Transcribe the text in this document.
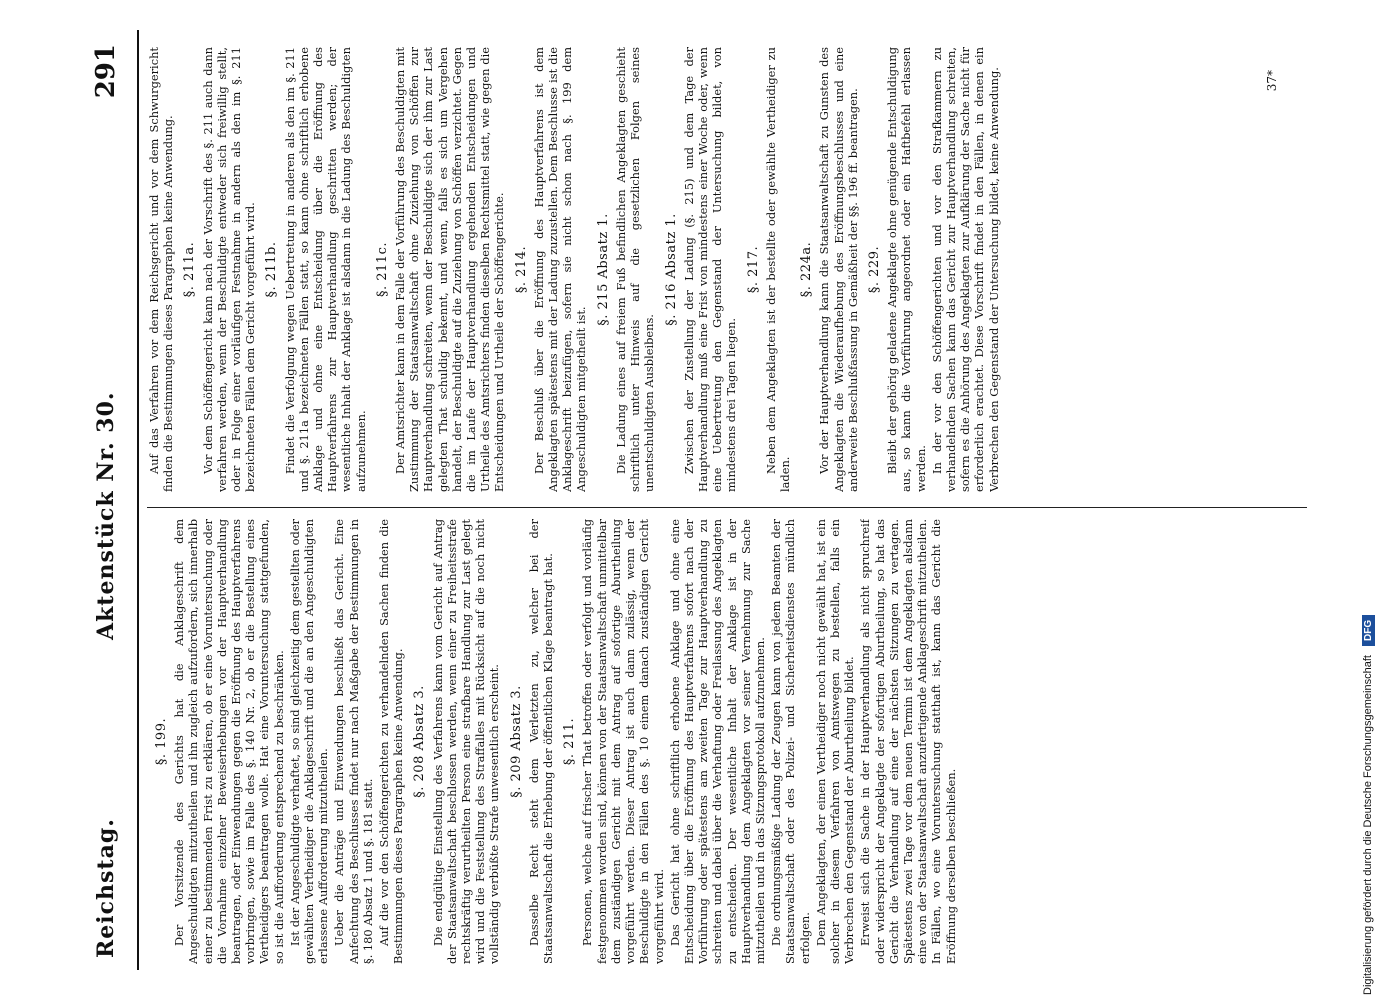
Reichstag.
Aktenstück Nr. 30.
291
§. 199. Der Vorsitzende des Gerichts hat die Anklageschrift dem Angeschuldigten mitzutheilen und ihn zugleich aufzufordern, sich innerhalb einer zu bestimmenden Frist zu erklären, ob er eine Voruntersuchung oder die Vornahme einzelner Beweiserhebungen vor der Hauptverhandlung beantragen, oder Einwendungen gegen die Eröffnung des Hauptverfahrens vorbringen, sowie im Falle des §. 140 Nr. 2, ob er die Bestellung eines Vertheidigers beantragen wolle. Hat eine Voruntersuchung stattgefunden, so ist die Aufforderung entsprechend zu beschränken. Ist der Angeschuldigte verhaftet, so sind gleichzeitig dem gestellten oder gewählten Vertheidiger die Anklageschrift und die an den Angeschuldigten erlassene Aufforderung mitzutheilen. Ueber die Anträge und Einwendungen beschließt das Gericht. Eine Anfechtung des Beschlusses findet nur nach Maßgabe der Bestimmungen in §. 180 Absatz 1 und §. 181 statt. Auf die vor den Schöffengerichten zu verhandelnden Sachen finden die Bestimmungen dieses Paragraphen keine Anwendung. §. 208 Absatz 3. Die endgültige Einstellung des Verfahrens kann vom Gericht auf Antrag der Staatsanwaltschaft beschlossen werden, wenn einer zu Freiheitsstrafe rechtskräftig verurtheilten Person eine strafbare Handlung zur Last gelegt wird und die Feststellung des Straffalles mit Rücksicht auf die noch nicht vollständig verbüßte Strafe unwesentlich erscheint. §. 209 Absatz 3. Dasselbe Recht steht dem Verletzten zu, welcher bei der Staatsanwaltschaft die Erhebung der öffentlichen Klage beantragt hat. §. 211. Personen, welche auf frischer That betroffen oder verfolgt und vorläufig festgenommen worden sind, können von der Staatsanwaltschaft unmittelbar dem zuständigen Gericht mit dem Antrag auf sofortige Aburtheilung vorgeführt werden. Dieser Antrag ist auch dann zulässig, wenn der Beschuldigte in den Fällen des §. 10 einem danach zuständigen Gericht vorgeführt wird. Das Gericht hat ohne schriftlich erhobene Anklage und ohne eine Entscheidung über die Eröffnung des Hauptverfahrens sofort nach der Vorführung oder spätestens am zweiten Tage zur Hauptverhandlung zu schreiten und dabei über die Verhaftung oder Freilassung des Angeklagten zu entscheiden. Der wesentliche Inhalt der Anklage ist in der Hauptverhandlung dem Angeklagten vor seiner Vernehmung zur Sache mitzutheilen und in das Sitzungsprotokoll aufzunehmen. Die ordnungsmäßige Ladung der Zeugen kann von jedem Beamten der Staatsanwaltschaft oder des Polizei- und Sicherheitsdienstes mündlich erfolgen. Dem Angeklagten, der einen Vertheidiger noch nicht gewählt hat, ist ein solcher in diesem Verfahren von Amtswegen zu bestellen, falls ein Verbrechen den Gegenstand der Aburtheilung bildet. Erweist sich die Sache in der Hauptverhandlung als nicht spruchreif oder widerspricht der Angeklagte der sofortigen Aburtheilung, so hat das Gericht die Verhandlung auf eine der nächsten Sitzungen zu vertagen. Spätestens zwei Tage vor dem neuen Termin ist dem Angeklagten alsdann eine von der Staatsanwaltschaft anzufertigende Anklageschrift mitzutheilen. In Fällen, wo eine Voruntersuchung statthaft ist, kann das Gericht die Eröffnung derselben beschließen.
Auf das Verfahren vor dem Reichsgericht und vor dem Schwurgericht finden die Bestimmungen dieses Paragraphen keine Anwendung. §. 211a. Vor dem Schöffengericht kann nach der Vorschrift des §. 211 auch dann verfahren werden, wenn der Beschuldigte entweder sich freiwillig stellt, oder in Folge einer vorläufigen Festnahme in andern als den im §. 211 bezeichneten Fällen dem Gericht vorgeführt wird. §. 211b. Findet die Verfolgung wegen Uebertretung in anderen als den im §. 211 und §. 211a bezeichneten Fällen statt, so kann ohne schriftlich erhobene Anklage und ohne eine Entscheidung über die Eröffnung des Hauptverfahrens zur Hauptverhandlung geschritten werden; der wesentliche Inhalt der Anklage ist alsdann in die Ladung des Beschuldigten aufzunehmen.
§. 211c. Der Amtsrichter kann in dem Falle der Vorführung des Beschuldigten mit Zustimmung der Staatsanwaltschaft ohne Zuziehung von Schöffen zur Hauptverhandlung schreiten, wenn der Beschuldigte sich der ihm zur Last gelegten That schuldig bekennt, und wenn, falls es sich um Vergehen handelt, der Beschuldigte auf die Zuziehung von Schöffen verzichtet. Gegen die im Laufe der Hauptverhandlung ergehenden Entscheidungen und Urtheile des Amtsrichters finden dieselben Rechtsmittel statt, wie gegen die Entscheidungen und Urtheile der Schöffengerichte. §. 214. Der Beschluß über die Eröffnung des Hauptverfahrens ist dem Angeklagten spätestens mit der Ladung zuzustellen. Dem Beschlusse ist die Anklageschrift beizufügen, sofern sie nicht schon nach §. 199 dem Angeschuldigten mitgetheilt ist.
§. 215 Absatz 1. Die Ladung eines auf freiem Fuß befindlichen Angeklagten geschieht schriftlich unter Hinweis auf die gesetzlichen Folgen seines unentschuldigten Ausbleibens.
§. 216 Absatz 1. Zwischen der Zustellung der Ladung (§. 215) und dem Tage der Hauptverhandlung muß eine Frist von mindestens einer Woche oder, wenn eine Uebertretung den Gegenstand der Untersuchung bildet, von mindestens drei Tagen liegen.
§. 217. Neben dem Angeklagten ist der bestellte oder gewählte Vertheidiger zu laden.
§. 224a. Vor der Hauptverhandlung kann die Staatsanwaltschaft zu Gunsten des Angeklagten die Wiederaufhebung des Eröffnungsbeschlusses und eine anderweite Beschlußfassung in Gemäßheit der §§. 196 ff. beantragen. §. 229. Bleibt der gehörig geladene Angeklagte ohne genügende Entschuldigung aus, so kann die Vorführung angeordnet oder ein Haftbefehl erlassen werden. In der vor den Schöffengerichten und vor den Strafkammern zu verhandelnden Sachen kann das Gericht zur Hauptverhandlung schreiten, sofern es die Anhörung des Angeklagten zur Aufklärung der Sache nicht für erforderlich erachtet. Diese Vorschrift findet in den Fällen, in denen ein Verbrechen den Gegenstand der Untersuchung bildet, keine Anwendung.	37*
Digitalisierung gefördert durch die Deutsche Forschungsgemeinschaft DFG
